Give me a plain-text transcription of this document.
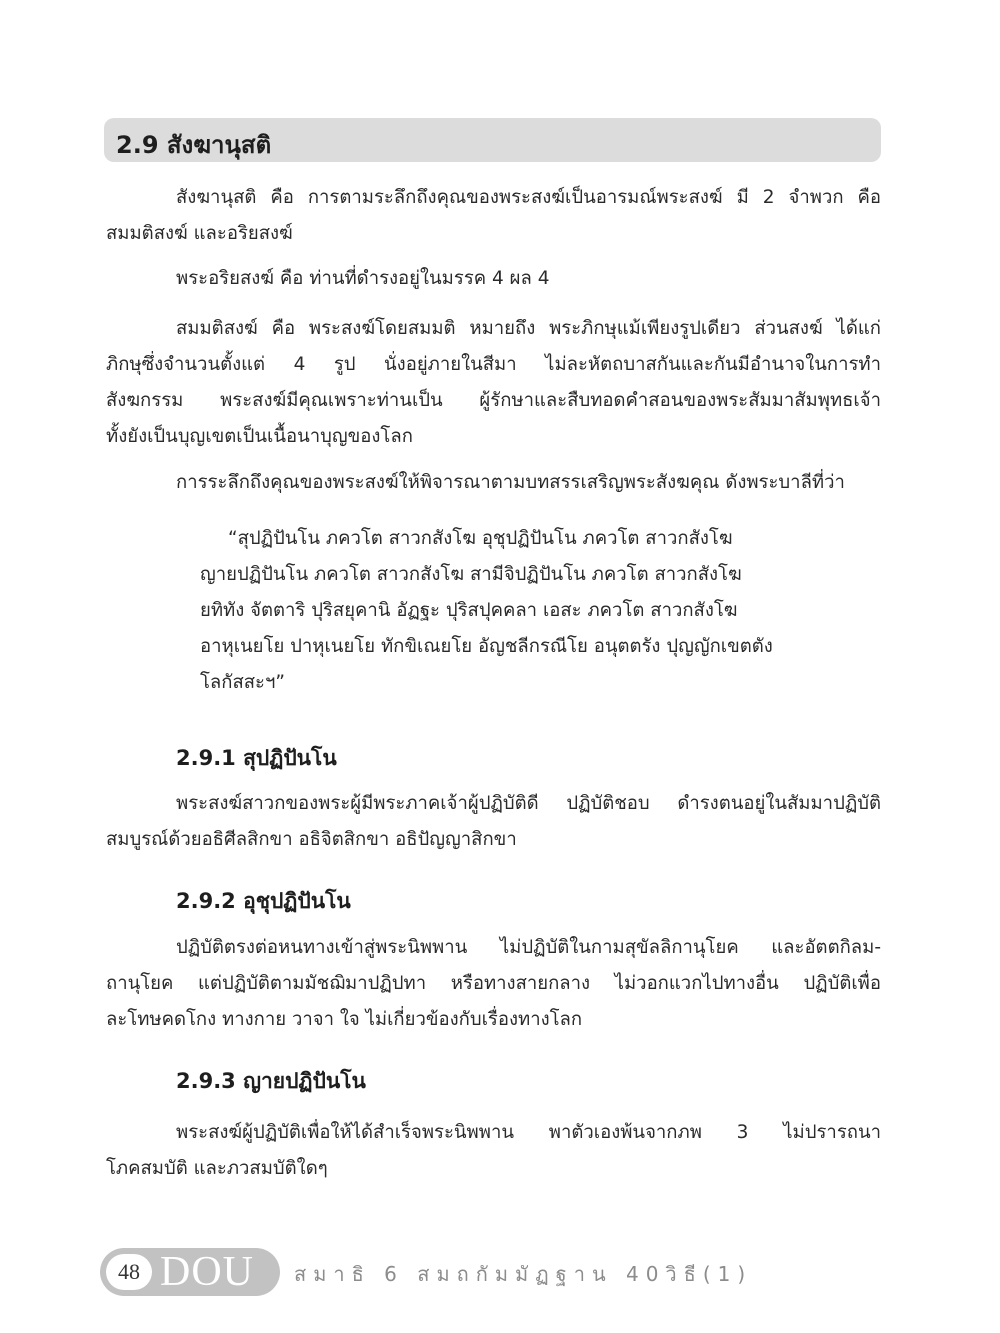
2.9 สังฆานุสติ

สังฆานุสติ คือ การตามระลึกถึงคุณของพระสงฆ์เป็นอารมณ์พระสงฆ์ มี 2 จำพวก คือ
สมมติสงฆ์ และอริยสงฆ์

พระอริยสงฆ์ คือ ท่านที่ดำรงอยู่ในมรรค 4 ผล 4

สมมติสงฆ์ คือ พระสงฆ์โดยสมมติ หมายถึง พระภิกษุแม้เพียงรูปเดียว ส่วนสงฆ์ ได้แก่
ภิกษุซึ่งจำนวนตั้งแต่ 4 รูป นั่งอยู่ภายในสีมา ไม่ละหัตถบาสกันและกันมีอำนาจในการทำ
สังฆกรรม พระสงฆ์มีคุณเพราะท่านเป็น ผู้รักษาและสืบทอดคำสอนของพระสัมมาสัมพุทธเจ้า
ทั้งยังเป็นบุญเขตเป็นเนื้อนาบุญของโลก

การระลึกถึงคุณของพระสงฆ์ให้พิจารณาตามบทสรรเสริญพระสังฆคุณ ดังพระบาลีที่ว่า

“สุปฏิปันโน ภควโต สาวกสังโฆ อุชุปฏิปันโน ภควโต สาวกสังโฆ
ญายปฏิปันโน ภควโต สาวกสังโฆ สามีจิปฏิปันโน ภควโต สาวกสังโฆ
ยทิทัง จัตตาริ ปุริสยุคานิ อัฏฐะ ปุริสปุคคลา เอสะ ภควโต สาวกสังโฆ
อาหุเนยโย ปาหุเนยโย ทักขิเณยโย อัญชลีกรณีโย อนุตตรัง ปุญญักเขตตัง
โลกัสสะฯ”
2.9.1 สุปฏิปันโน

พระสงฆ์สาวกของพระผู้มีพระภาคเจ้าผู้ปฏิบัติดี ปฏิบัติชอบ ดำรงตนอยู่ในสัมมาปฏิบัติ
สมบูรณ์ด้วยอธิศีลสิกขา อธิจิตสิกขา อธิปัญญาสิกขา

2.9.2 อุชุปฏิปันโน

ปฏิบัติตรงต่อหนทางเข้าสู่พระนิพพาน ไม่ปฏิบัติในกามสุขัลลิกานุโยค และอัตตกิลม-
ถานุโยค แต่ปฏิบัติตามมัชฌิมาปฏิปทา หรือทางสายกลาง ไม่วอกแวกไปทางอื่น ปฏิบัติเพื่อ
ละโทษคดโกง ทางกาย วาจา ใจ ไม่เกี่ยวข้องกับเรื่องทางโลก

2.9.3 ญายปฏิปันโน

พระสงฆ์ผู้ปฏิบัติเพื่อให้ได้สำเร็จพระนิพพาน พาตัวเองพ้นจากภพ 3 ไม่ปรารถนา
โภคสมบัติ และภวสมบัติใดๆ

48 DOU สมาธิ 6 สมถกัมมัฏฐาน 40วิธี(1)
